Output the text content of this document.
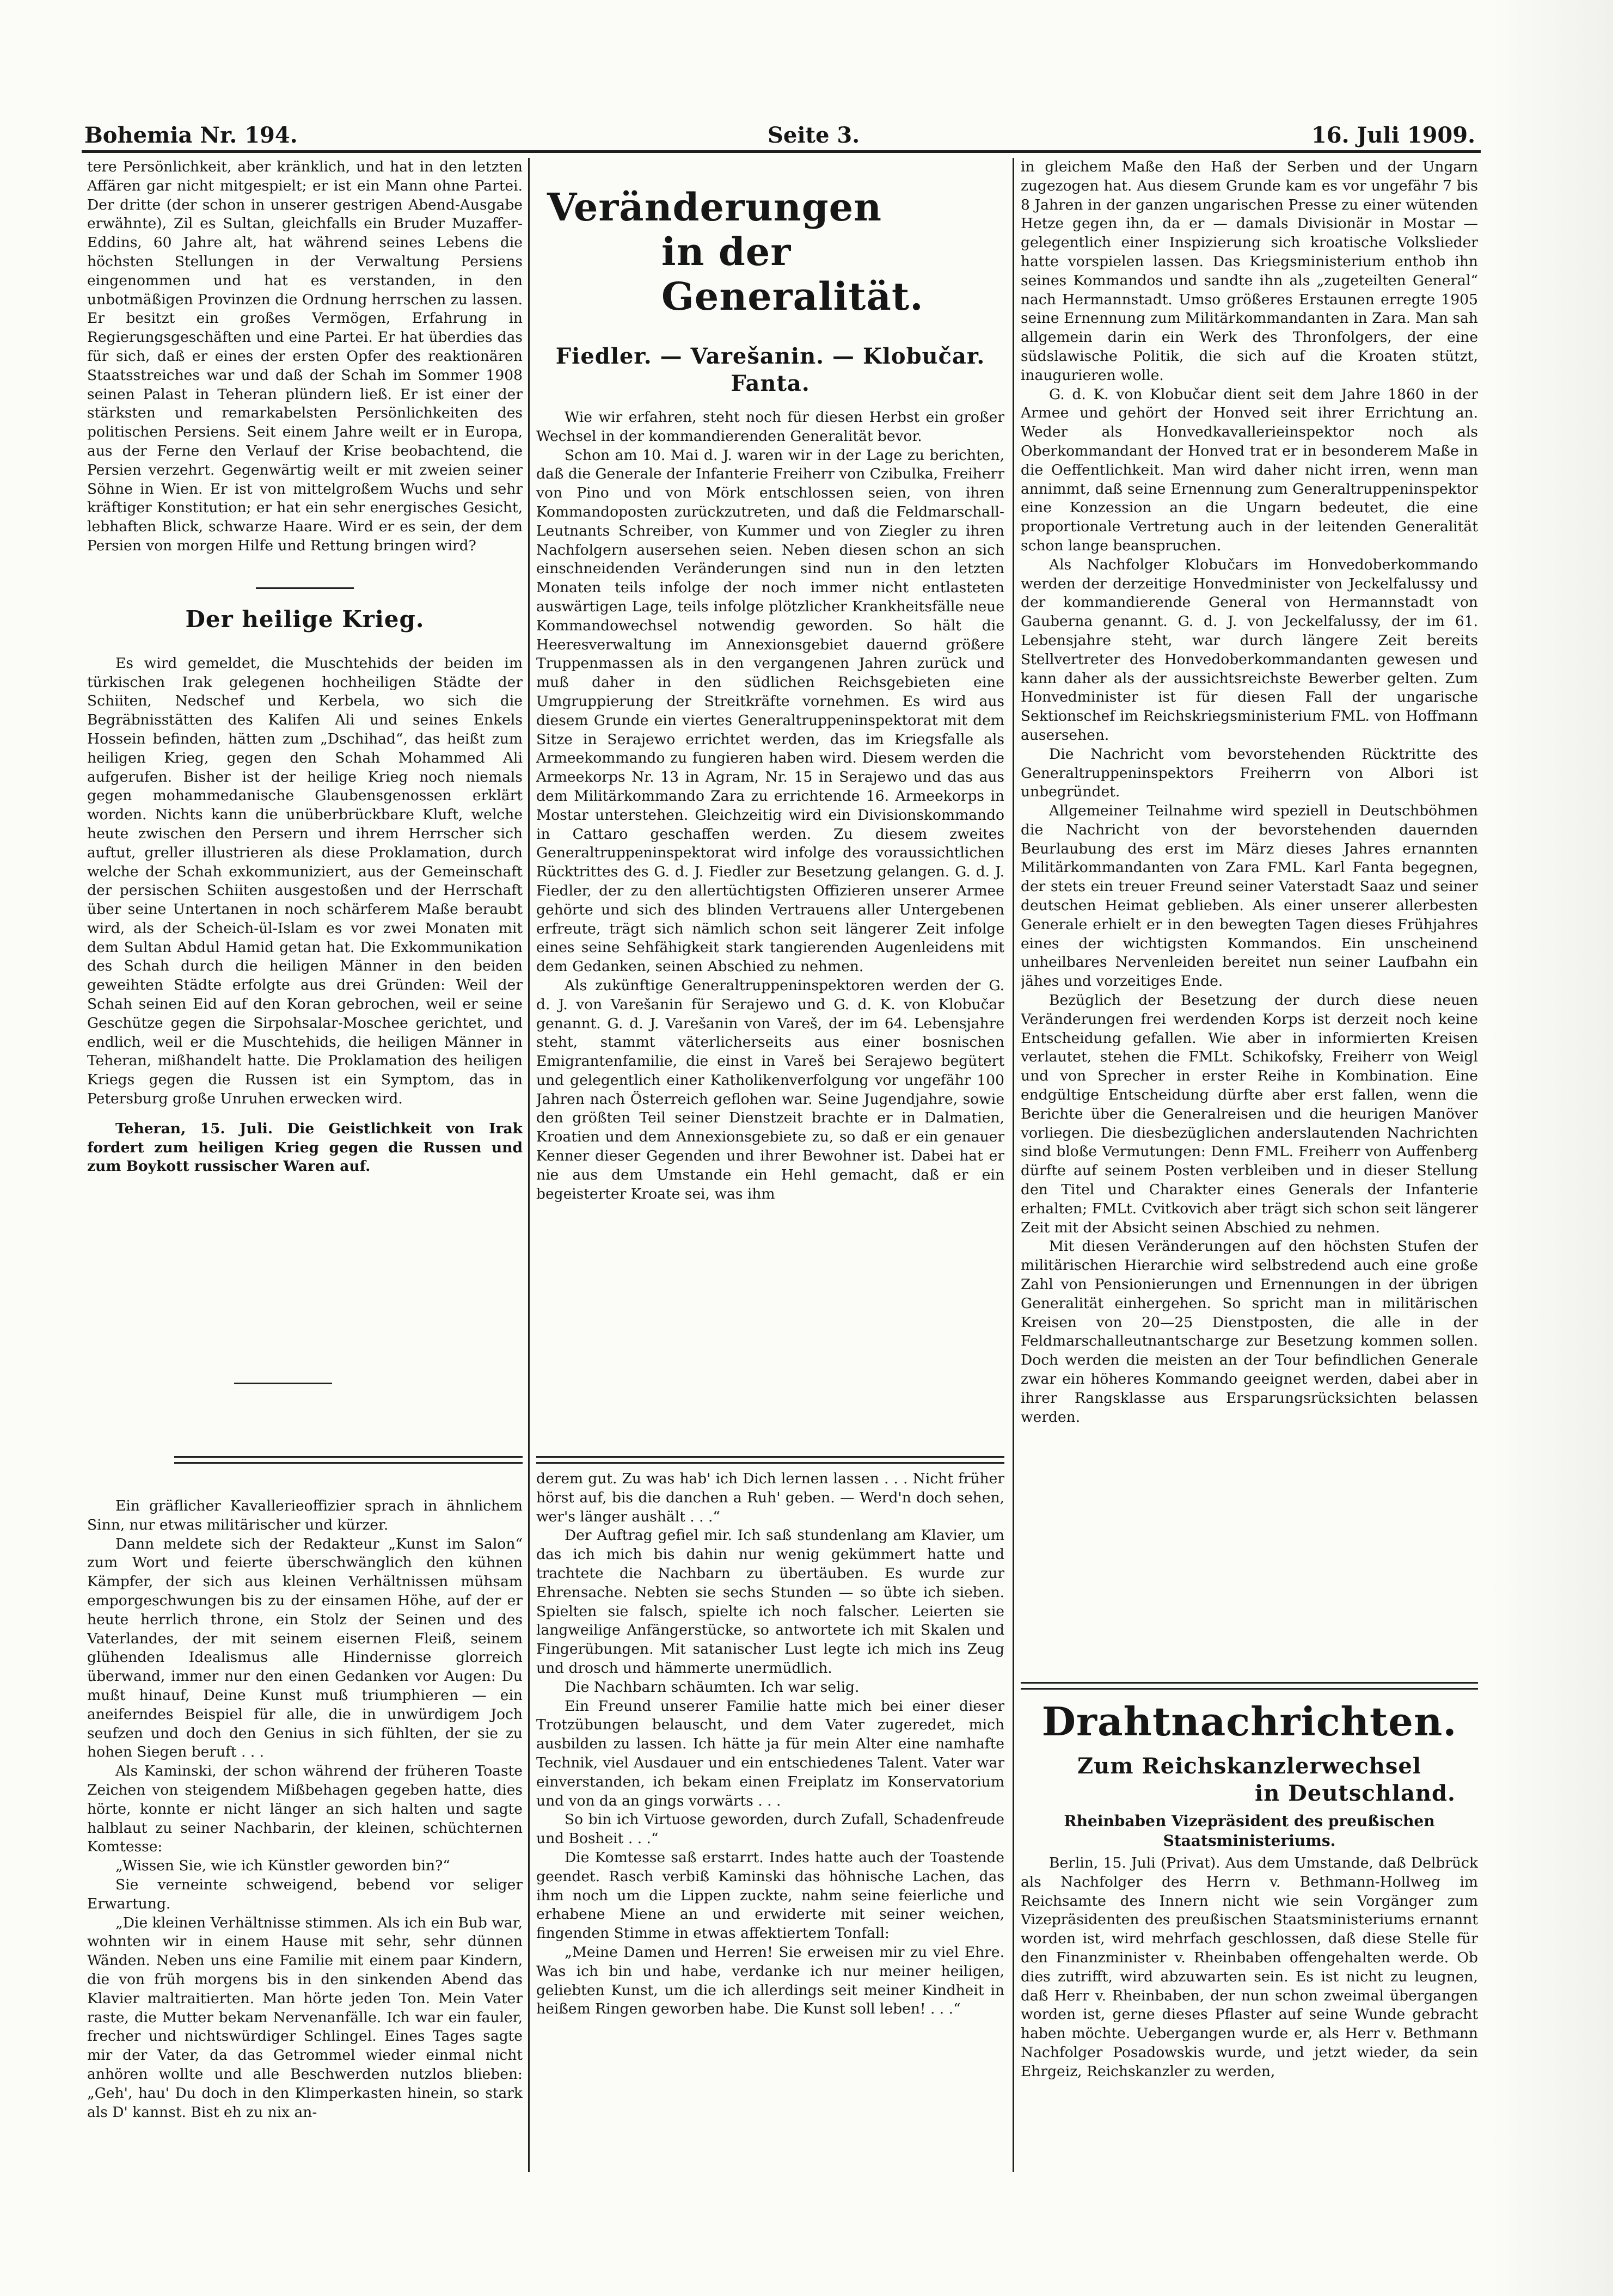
Bohemia Nr. 194.	Seite 3.	16. Juli 1909.

tere Persönlichkeit, aber kränklich, und hat in den letzten Affären gar nicht mitgespielt; er ist ein Mann ohne Partei. Der dritte (der schon in unserer gestrigen Abend-Ausgabe erwähnte), Zil es Sultan, gleichfalls ein Bruder Muzaffer-Eddins, 60 Jahre alt, hat während seines Lebens die höchsten Stellungen in der Verwaltung Persiens eingenommen und hat es verstanden, in den unbotmäßigen Provinzen die Ordnung herrschen zu lassen. Er besitzt ein großes Vermögen, Erfahrung in Regierungsgeschäften und eine Partei. Er hat überdies das für sich, daß er eines der ersten Opfer des reaktionären Staatsstreiches war und daß der Schah im Sommer 1908 seinen Palast in Teheran plündern ließ. Er ist einer der stärksten und remarkabelsten Persönlichkeiten des politischen Persiens. Seit einem Jahre weilt er in Europa, aus der Ferne den Verlauf der Krise beobachtend, die Persien verzehrt. Gegenwärtig weilt er mit zweien seiner Söhne in Wien. Er ist von mittelgroßem Wuchs und sehr kräftiger Konstitution; er hat ein sehr energisches Gesicht, lebhaften Blick, schwarze Haare. Wird er es sein, der dem Persien von morgen Hilfe und Rettung bringen wird?

Der heilige Krieg.

Es wird gemeldet, die Muschtehids der beiden im türkischen Irak gelegenen hochheiligen Städte der Schiiten, Nedschef und Kerbela, wo sich die Begräbnisstätten des Kalifen Ali und seines Enkels Hossein befinden, hätten zum „Dschihad“, das heißt zum heiligen Krieg, gegen den Schah Mohammed Ali aufgerufen. Bisher ist der heilige Krieg noch niemals gegen mohammedanische Glaubensgenossen erklärt worden. Nichts kann die unüberbrückbare Kluft, welche heute zwischen den Persern und ihrem Herrscher sich auftut, greller illustrieren als diese Proklamation, durch welche der Schah exkommuniziert, aus der Gemeinschaft der persischen Schiiten ausgestoßen und der Herrschaft über seine Untertanen in noch schärferem Maße beraubt wird, als der Scheich-ül-Islam es vor zwei Monaten mit dem Sultan Abdul Hamid getan hat. Die Exkommunikation des Schah durch die heiligen Männer in den beiden geweihten Städte erfolgte aus drei Gründen: Weil der Schah seinen Eid auf den Koran gebrochen, weil er seine Geschütze gegen die Sirpohsalar-Moschee gerichtet, und endlich, weil er die Muschtehids, die heiligen Männer in Teheran, mißhandelt hatte. Die Proklamation des heiligen Kriegs gegen die Russen ist ein Symptom, das in Petersburg große Unruhen erwecken wird.

Teheran, 15. Juli. Die Geistlichkeit von Irak fordert zum heiligen Krieg gegen die Russen und zum Boykott russischer Waren auf.

Ein gräflicher Kavallerieoffizier sprach in ähnlichem Sinn, nur etwas militärischer und kürzer.

Dann meldete sich der Redakteur „Kunst im Salon“ zum Wort und feierte überschwänglich den kühnen Kämpfer, der sich aus kleinen Verhältnissen mühsam emporgeschwungen bis zu der einsamen Höhe, auf der er heute herrlich throne, ein Stolz der Seinen und des Vaterlandes, der mit seinem eisernen Fleiß, seinem glühenden Idealismus alle Hindernisse glorreich überwand, immer nur den einen Gedanken vor Augen: Du mußt hinauf, Deine Kunst muß triumphieren — ein aneiferndes Beispiel für alle, die in unwürdigem Joch seufzen und doch den Genius in sich fühlten, der sie zu hohen Siegen beruft . . .

Als Kaminski, der schon während der früheren Toaste Zeichen von steigendem Mißbehagen gegeben hatte, dies hörte, konnte er nicht länger an sich halten und sagte halblaut zu seiner Nachbarin, der kleinen, schüchternen Komtesse:

„Wissen Sie, wie ich Künstler geworden bin?“

Sie verneinte schweigend, bebend vor seliger Erwartung.

„Die kleinen Verhältnisse stimmen. Als ich ein Bub war, wohnten wir in einem Hause mit sehr, sehr dünnen Wänden. Neben uns eine Familie mit einem paar Kindern, die von früh morgens bis in den sinkenden Abend das Klavier maltraitierten. Man hörte jeden Ton. Mein Vater raste, die Mutter bekam Nervenanfälle. Ich war ein fauler, frecher und nichtswürdiger Schlingel. Eines Tages sagte mir der Vater, da das Getrommel wieder einmal nicht anhören wollte und alle Beschwerden nutzlos blieben: „Geh', hau' Du doch in den Klimperkasten hinein, so stark als D' kannst. Bist eh zu nix an-

Veränderungen
in der Generalität.
Fiedler. — Varešanin. — Klobučar.
Fanta.

Wie wir erfahren, steht noch für diesen Herbst ein großer Wechsel in der kommandierenden Generalität bevor.

Schon am 10. Mai d. J. waren wir in der Lage zu berichten, daß die Generale der Infanterie Freiherr von Czibulka, Freiherr von Pino und von Mörk entschlossen seien, von ihren Kommandoposten zurückzutreten, und daß die Feldmarschall-Leutnants Schreiber, von Kummer und von Ziegler zu ihren Nachfolgern ausersehen seien. Neben diesen schon an sich einschneidenden Veränderungen sind nun in den letzten Monaten teils infolge der noch immer nicht entlasteten auswärtigen Lage, teils infolge plötzlicher Krankheitsfälle neue Kommandowechsel notwendig geworden. So hält die Heeresverwaltung im Annexionsgebiet dauernd größere Truppenmassen als in den vergangenen Jahren zurück und muß daher in den südlichen Reichsgebieten eine Umgruppierung der Streitkräfte vornehmen. Es wird aus diesem Grunde ein viertes Generaltruppeninspektorat mit dem Sitze in Serajewo errichtet werden, das im Kriegsfalle als Armeekommando zu fungieren haben wird. Diesem werden die Armeekorps Nr. 13 in Agram, Nr. 15 in Serajewo und das aus dem Militärkommando Zara zu errichtende 16. Armeekorps in Mostar unterstehen. Gleichzeitig wird ein Divisionskommando in Cattaro geschaffen werden. Zu diesem zweites Generaltruppeninspektorat wird infolge des voraussichtlichen Rücktrittes des G. d. J. Fiedler zur Besetzung gelangen. G. d. J. Fiedler, der zu den allertüchtigsten Offizieren unserer Armee gehörte und sich des blinden Vertrauens aller Untergebenen erfreute, trägt sich nämlich schon seit längerer Zeit infolge eines seine Sehfähigkeit stark tangierenden Augenleidens mit dem Gedanken, seinen Abschied zu nehmen.

Als zukünftige Generaltruppeninspektoren werden der G. d. J. von Varešanin für Serajewo und G. d. K. von Klobučar genannt. G. d. J. Varešanin von Vareš, der im 64. Lebensjahre steht, stammt väterlicherseits aus einer bosnischen Emigrantenfamilie, die einst in Vareš bei Serajewo begütert und gelegentlich einer Katholikenverfolgung vor ungefähr 100 Jahren nach Österreich geflohen war. Seine Jugendjahre, sowie den größten Teil seiner Dienstzeit brachte er in Dalmatien, Kroatien und dem Annexionsgebiete zu, so daß er ein genauer Kenner dieser Gegenden und ihrer Bewohner ist. Dabei hat er nie aus dem Umstande ein Hehl gemacht, daß er ein begeisterter Kroate sei, was ihm

derem gut. Zu was hab' ich Dich lernen lassen . . . Nicht früher hörst auf, bis die danchen a Ruh' geben. — Werd'n doch sehen, wer's länger aushält . . .“

Der Auftrag gefiel mir. Ich saß stundenlang am Klavier, um das ich mich bis dahin nur wenig gekümmert hatte und trachtete die Nachbarn zu übertäuben. Es wurde zur Ehrensache. Nebten sie sechs Stunden — so übte ich sieben. Spielten sie falsch, spielte ich noch falscher. Leierten sie langweilige Anfängerstücke, so antwortete ich mit Skalen und Fingerübungen. Mit satanischer Lust legte ich mich ins Zeug und drosch und hämmerte unermüdlich.

Die Nachbarn schäumten. Ich war selig.

Ein Freund unserer Familie hatte mich bei einer dieser Trotzübungen belauscht, und dem Vater zugeredet, mich ausbilden zu lassen. Ich hätte ja für mein Alter eine namhafte Technik, viel Ausdauer und ein entschiedenes Talent. Vater war einverstanden, ich bekam einen Freiplatz im Konservatorium und von da an gings vorwärts . . .

So bin ich Virtuose geworden, durch Zufall, Schadenfreude und Bosheit . . .“

Die Komtesse saß erstarrt. Indes hatte auch der Toastende geendet. Rasch verbiß Kaminski das höhnische Lachen, das ihm noch um die Lippen zuckte, nahm seine feierliche und erhabene Miene an und erwiderte mit seiner weichen, fingenden Stimme in etwas affektiertem Tonfall:

„Meine Damen und Herren! Sie erweisen mir zu viel Ehre. Was ich bin und habe, verdanke ich nur meiner heiligen, geliebten Kunst, um die ich allerdings seit meiner Kindheit in heißem Ringen geworben habe. Die Kunst soll leben! . . .“

in gleichem Maße den Haß der Serben und der Ungarn zugezogen hat. Aus diesem Grunde kam es vor ungefähr 7 bis 8 Jahren in der ganzen ungarischen Presse zu einer wütenden Hetze gegen ihn, da er — damals Divisionär in Mostar — gelegentlich einer Inspizierung sich kroatische Volkslieder hatte vorspielen lassen. Das Kriegsministerium enthob ihn seines Kommandos und sandte ihn als „zugeteilten General“ nach Hermannstadt. Umso größeres Erstaunen erregte 1905 seine Ernennung zum Militärkommandanten in Zara. Man sah allgemein darin ein Werk des Thronfolgers, der eine südslawische Politik, die sich auf die Kroaten stützt, inaugurieren wolle.

G. d. K. von Klobučar dient seit dem Jahre 1860 in der Armee und gehört der Honved seit ihrer Errichtung an. Weder als Honvedkavallerieinspektor noch als Oberkommandant der Honved trat er in besonderem Maße in die Oeffentlichkeit. Man wird daher nicht irren, wenn man annimmt, daß seine Ernennung zum Generaltruppeninspektor eine Konzession an die Ungarn bedeutet, die eine proportionale Vertretung auch in der leitenden Generalität schon lange beanspruchen.

Als Nachfolger Klobučars im Honvedoberkommando werden der derzeitige Honvedminister von Jeckelfalussy und der kommandierende General von Hermannstadt von Gauberna genannt. G. d. J. von Jeckelfalussy, der im 61. Lebensjahre steht, war durch längere Zeit bereits Stellvertreter des Honvedoberkommandanten gewesen und kann daher als der aussichtsreichste Bewerber gelten. Zum Honvedminister ist für diesen Fall der ungarische Sektionschef im Reichskriegsministerium FML. von Hoffmann ausersehen.

Die Nachricht vom bevorstehenden Rücktritte des Generaltruppeninspektors Freiherrn von Albori ist unbegründet.

Allgemeiner Teilnahme wird speziell in Deutschböhmen die Nachricht von der bevorstehenden dauernden Beurlaubung des erst im März dieses Jahres ernannten Militärkommandanten von Zara FML. Karl Fanta begegnen, der stets ein treuer Freund seiner Vaterstadt Saaz und seiner deutschen Heimat geblieben. Als einer unserer allerbesten Generale erhielt er in den bewegten Tagen dieses Frühjahres eines der wichtigsten Kommandos. Ein unscheinend unheilbares Nervenleiden bereitet nun seiner Laufbahn ein jähes und vorzeitiges Ende.

Bezüglich der Besetzung der durch diese neuen Veränderungen frei werdenden Korps ist derzeit noch keine Entscheidung gefallen. Wie aber in informierten Kreisen verlautet, stehen die FMLt. Schikofsky, Freiherr von Weigl und von Sprecher in erster Reihe in Kombination. Eine endgültige Entscheidung dürfte aber erst fallen, wenn die Berichte über die Generalreisen und die heurigen Manöver vorliegen. Die diesbezüglichen anderslautenden Nachrichten sind bloße Vermutungen: Denn FML. Freiherr von Auffenberg dürfte auf seinem Posten verbleiben und in dieser Stellung den Titel und Charakter eines Generals der Infanterie erhalten; FMLt. Cvitkovich aber trägt sich schon seit längerer Zeit mit der Absicht seinen Abschied zu nehmen.

Mit diesen Veränderungen auf den höchsten Stufen der militärischen Hierarchie wird selbstredend auch eine große Zahl von Pensionierungen und Ernennungen in der übrigen Generalität einhergehen. So spricht man in militärischen Kreisen von 20—25 Dienstposten, die alle in der Feldmarschalleutnantscharge zur Besetzung kommen sollen. Doch werden die meisten an der Tour befindlichen Generale zwar ein höheres Kommando geeignet werden, dabei aber in ihrer Rangsklasse aus Ersparungsrücksichten belassen werden.

Drahtnachrichten.
Zum Reichskanzlerwechsel
in Deutschland.
Rheinbaben Vizepräsident des preußischen
Staatsministeriums.

Berlin, 15. Juli (Privat). Aus dem Umstande, daß Delbrück als Nachfolger des Herrn v. Bethmann-Hollweg im Reichsamte des Innern nicht wie sein Vorgänger zum Vizepräsidenten des preußischen Staatsministeriums ernannt worden ist, wird mehrfach geschlossen, daß diese Stelle für den Finanzminister v. Rheinbaben offengehalten werde. Ob dies zutrifft, wird abzuwarten sein. Es ist nicht zu leugnen, daß Herr v. Rheinbaben, der nun schon zweimal übergangen worden ist, gerne dieses Pflaster auf seine Wunde gebracht haben möchte. Uebergangen wurde er, als Herr v. Bethmann Nachfolger Posadowskis wurde, und jetzt wieder, da sein Ehrgeiz, Reichskanzler zu werden,
